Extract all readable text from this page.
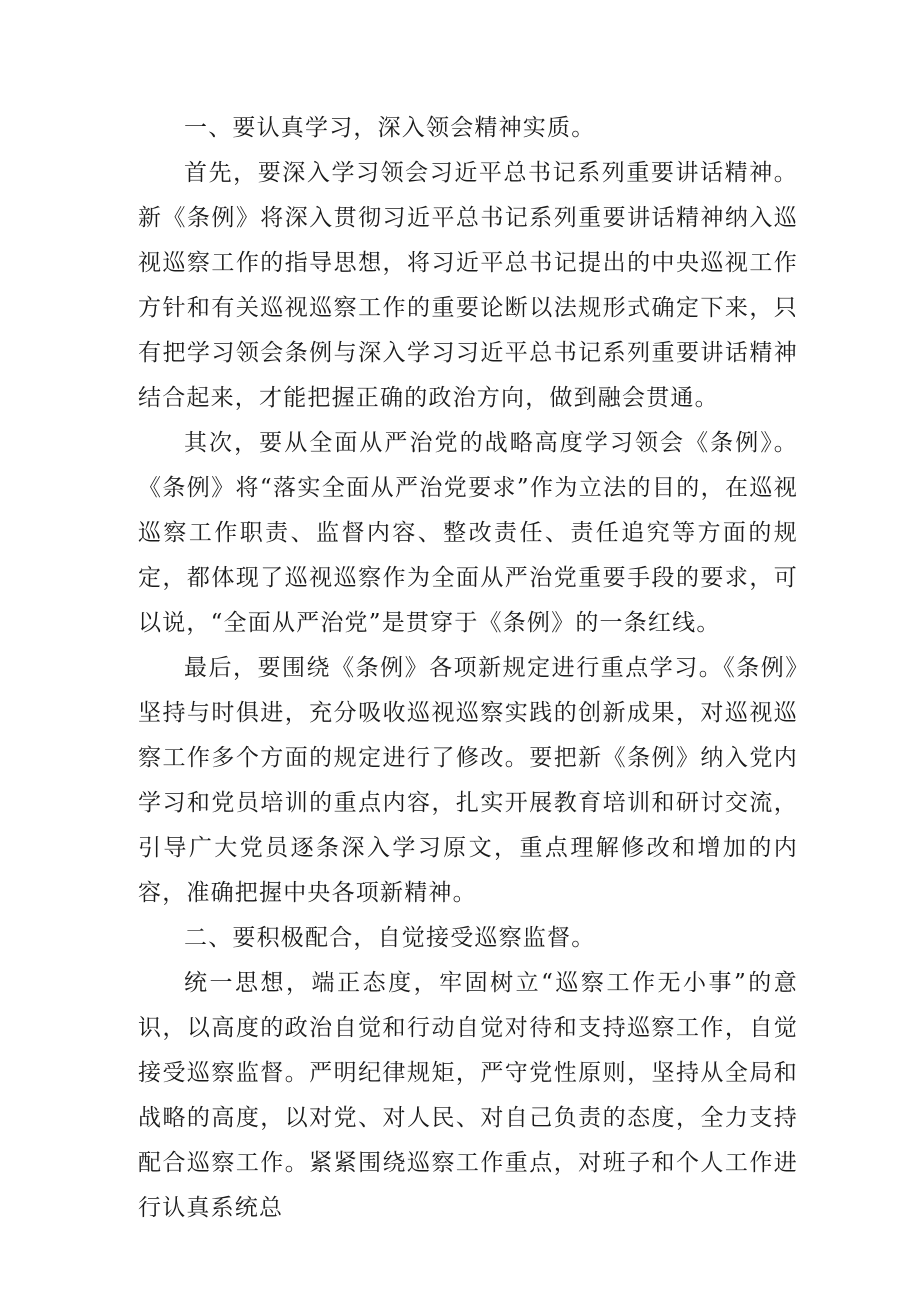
一、要认真学习，深入领会精神实质。

首先，要深入学习领会习近平总书记系列重要讲话精神。新《条例》将深入贯彻习近平总书记系列重要讲话精神纳入巡视巡察工作的指导思想，将习近平总书记提出的中央巡视工作方针和有关巡视巡察工作的重要论断以法规形式确定下来，只有把学习领会条例与深入学习习近平总书记系列重要讲话精神结合起来，才能把握正确的政治方向，做到融会贯通。

其次，要从全面从严治党的战略高度学习领会《条例》。《条例》将“落实全面从严治党要求”作为立法的目的，在巡视巡察工作职责、监督内容、整改责任、责任追究等方面的规定，都体现了巡视巡察作为全面从严治党重要手段的要求，可以说，“全面从严治党”是贯穿于《条例》的一条红线。

最后，要围绕《条例》各项新规定进行重点学习。《条例》坚持与时俱进，充分吸收巡视巡察实践的创新成果，对巡视巡察工作多个方面的规定进行了修改。要把新《条例》纳入党内学习和党员培训的重点内容，扎实开展教育培训和研讨交流，引导广大党员逐条深入学习原文，重点理解修改和增加的内容，准确把握中央各项新精神。

二、要积极配合，自觉接受巡察监督。

统一思想，端正态度，牢固树立“巡察工作无小事”的意识，以高度的政治自觉和行动自觉对待和支持巡察工作，自觉接受巡察监督。严明纪律规矩，严守党性原则，坚持从全局和战略的高度，以对党、对人民、对自己负责的态度，全力支持配合巡察工作。紧紧围绕巡察工作重点，对班子和个人工作进行认真系统总
